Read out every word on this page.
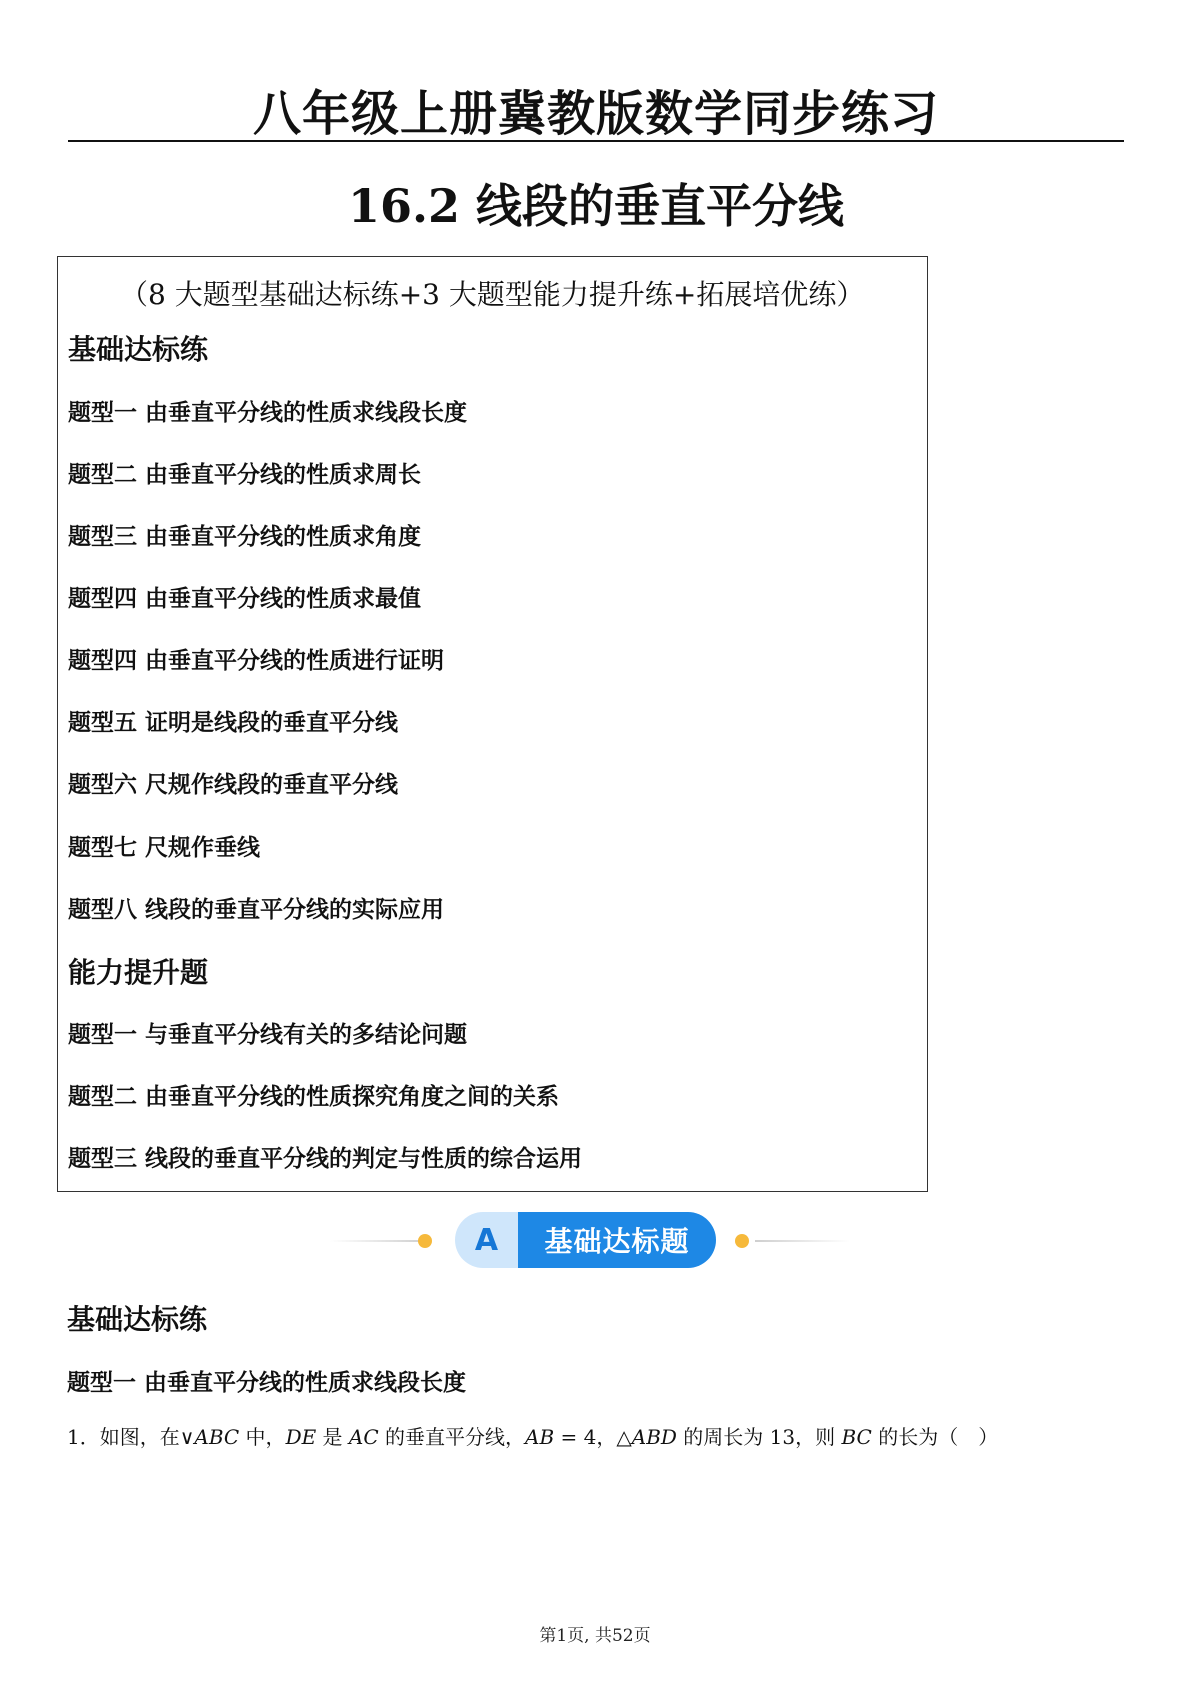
八年级上册冀教版数学同步练习
16.2 线段的垂直平分线
（8 大题型基础达标练+3 大题型能力提升练+拓展培优练）
基础达标练
题型一 由垂直平分线的性质求线段长度
题型二 由垂直平分线的性质求周长
题型三 由垂直平分线的性质求角度
题型四 由垂直平分线的性质求最值
题型四 由垂直平分线的性质进行证明
题型五 证明是线段的垂直平分线
题型六 尺规作线段的垂直平分线
题型七 尺规作垂线
题型八 线段的垂直平分线的实际应用
能力提升题
题型一 与垂直平分线有关的多结论问题
题型二 由垂直平分线的性质探究角度之间的关系
题型三 线段的垂直平分线的判定与性质的综合运用
A	基础达标题
基础达标练
题型一 由垂直平分线的性质求线段长度
1．如图，在∨ABC 中，DE 是 AC 的垂直平分线，AB = 4，△ABD 的周长为 13，则 BC 的长为（　）
第1页, 共52页
